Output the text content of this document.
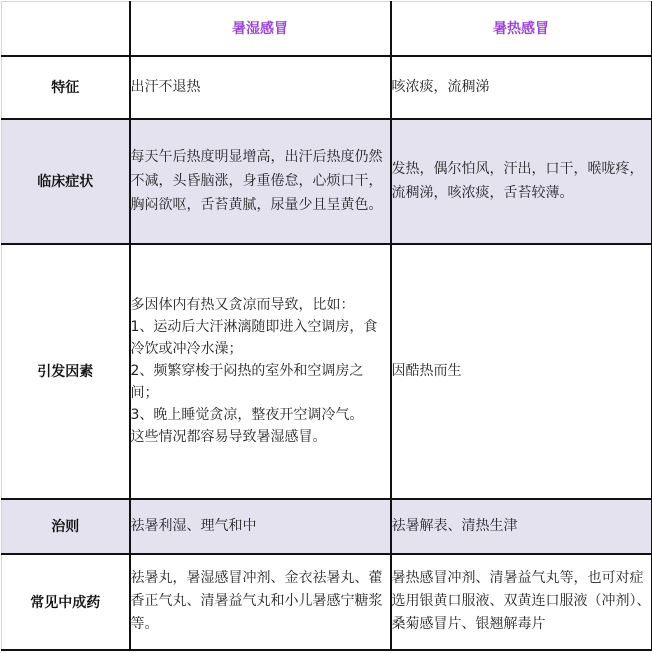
	暑湿感冒	暑热感冒
特征	出汗不退热	咳浓痰，流稠涕
临床症状	每天午后热度明显增高，出汗后热度仍然不减，头昏脑涨，身重倦怠，心烦口干，胸闷欲呕，舌苔黄腻，尿量少且呈黄色。	发热，偶尔怕风，汗出，口干，喉咙疼，流稠涕，咳浓痰，舌苔较薄。
引发因素	多因体内有热又贪凉而导致，比如：
1、运动后大汗淋漓随即进入空调房，食冷饮或冲冷水澡；
2、频繁穿梭于闷热的室外和空调房之间；
3、晚上睡觉贪凉，整夜开空调冷气。
这些情况都容易导致暑湿感冒。	因酷热而生
治则	祛暑利湿、理气和中	祛暑解表、清热生津
常见中成药	祛暑丸，暑湿感冒冲剂、金衣祛暑丸、藿香正气丸、清暑益气丸和小儿暑感宁糖浆等。	暑热感冒冲剂、清暑益气丸等，也可对症选用银黄口服液、双黄连口服液（冲剂）、桑菊感冒片、银翘解毒片
